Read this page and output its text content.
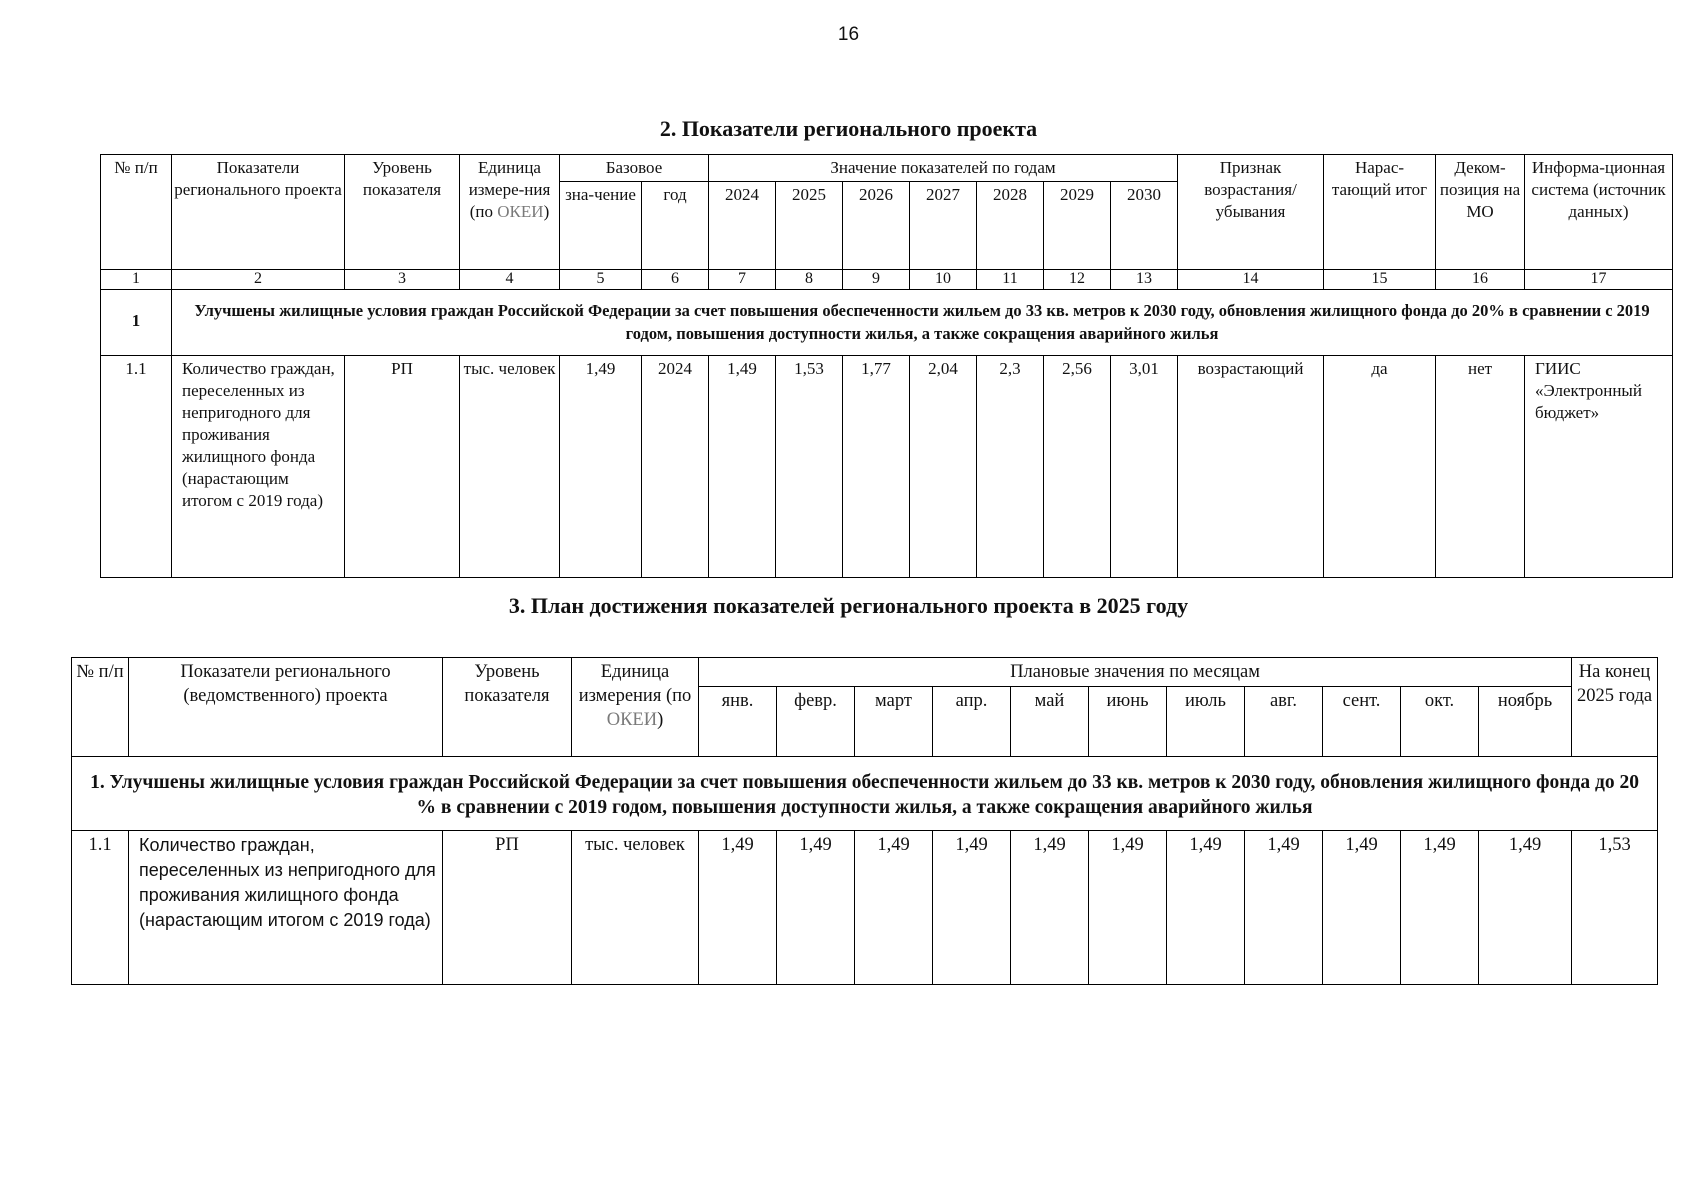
16
2. Показатели регионального проекта
№ п/п	Показатели регионального проекта	Уровень показателя	Единица измере-ния (по ОКЕИ)	Базовое		Значение показателей по годам							Признак возрастания/ убывания	Нарас-тающий итог	Деком-позиция на МО	Информа-ционная система (источник данных)
				зна-чение	год	2024	2025	2026	2027	2028	2029	2030				
1	2	3	4	5	6	7	8	9	10	11	12	13	14	15	16	17
1	Улучшены жилищные условия граждан Российской Федерации за счет повышения обеспеченности жильем до 33 кв. метров к 2030 году, обновления жилищного фонда до 20% в сравнении с 2019 годом, повышения доступности жилья, а также сокращения аварийного жилья															
1.1	Количество граждан, переселенных из непригодного для проживания жилищного фонда (нарастающим итогом с 2019 года)	РП	тыс. человек	1,49	2024	1,49	1,53	1,77	2,04	2,3	2,56	3,01	возрастающий	да	нет	ГИИС «Электронный бюджет»
3. План достижения показателей регионального проекта в 2025 году
№ п/п	Показатели регионального (ведомственного) проекта	Уровень показателя	Единица измерения (по ОКЕИ)	Плановые значения по месяцам											На конец 2025 года
				янв.	февр.	март	апр.	май	июнь	июль	авг.	сент.	окт.	ноябрь	
1. Улучшены жилищные условия граждан Российской Федерации за счет повышения обеспеченности жильем до 33 кв. метров к 2030 году, обновления жилищного фонда до 20 % в сравнении с 2019 годом, повышения доступности жилья, а также сокращения аварийного жилья															
1.1	Количество граждан, переселенных из непригодного для проживания жилищного фонда (нарастающим итогом с 2019 года)	РП	тыс. человек	1,49	1,49	1,49	1,49	1,49	1,49	1,49	1,49	1,49	1,49	1,49	1,53
